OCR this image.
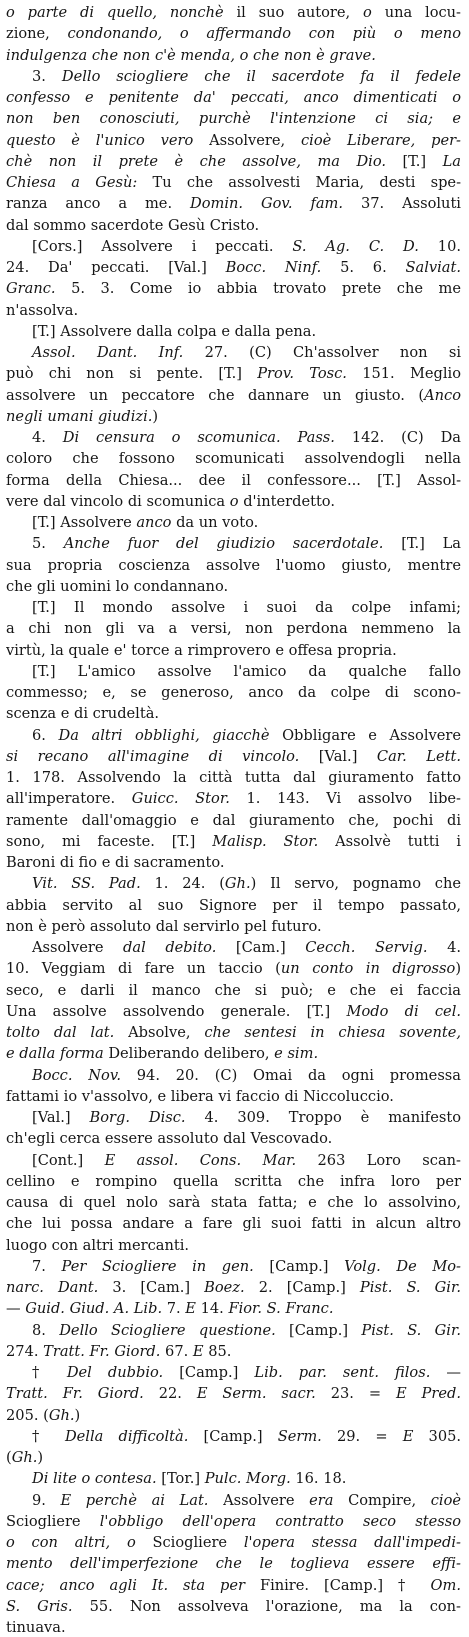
o parte di quello, nonchè il suo autore, o una locu-
zione, condonando, o affermando con più o meno
indulgenza che non c'è menda, o che non è grave.
3. Dello sciogliere che il sacerdote fa il fedele
confesso e penitente da' peccati, anco dimenticati o
non ben conosciuti, purchè l'intenzione ci sia; e
questo è l'unico vero Assolvere, cioè Liberare, per-
chè non il prete è che assolve, ma Dio. [T.] La
Chiesa a Gesù: Tu che assolvesti Maria, desti spe-
ranza anco a me. Domin. Gov. fam. 37. Assoluti
dal sommo sacerdote Gesù Cristo.
[Cors.] Assolvere i peccati. S. Ag. C. D. 10.
24. Da' peccati. [Val.] Bocc. Ninf. 5. 6. Salviat.
Granc. 5. 3. Come io abbia trovato prete che me
n'assolva.
[T.] Assolvere dalla colpa e dalla pena.
Assol. Dant. Inf. 27. (C) Ch'assolver non si
può chi non si pente. [T.] Prov. Tosc. 151. Meglio
assolvere un peccatore che dannare un giusto. (Anco
negli umani giudizi.)
4. Di censura o scomunica. Pass. 142. (C) Da
coloro che fossono scomunicati assolvendogli nella
forma della Chiesa... dee il confessore... [T.] Assol-
vere dal vincolo di scomunica o d'interdetto.
[T.] Assolvere anco da un voto.
5. Anche fuor del giudizio sacerdotale. [T.] La
sua propria coscienza assolve l'uomo giusto, mentre
che gli uomini lo condannano.
[T.] Il mondo assolve i suoi da colpe infami;
a chi non gli va a versi, non perdona nemmeno la
virtù, la quale e' torce a rimprovero e offesa propria.
[T.] L'amico assolve l'amico da qualche fallo
commesso; e, se generoso, anco da colpe di scono-
scenza e di crudeltà.
6. Da altri obblighi, giacchè Obbligare e Assolvere
si recano all'imagine di vincolo. [Val.] Car. Lett.
1. 178. Assolvendo la città tutta dal giuramento fatto
all'imperatore. Guicc. Stor. 1. 143. Vi assolvo libe-
ramente dall'omaggio e dal giuramento che, pochi di
sono, mi faceste. [T.] Malisp. Stor. Assolvè tutti i
Baroni di fio e di sacramento.
Vit. SS. Pad. 1. 24. (Gh.) Il servo, pognamo che
abbia servito al suo Signore per il tempo passato,
non è però assoluto dal servirlo pel futuro.
Assolvere dal debito. [Cam.] Cecch. Servig. 4.
10. Veggiam di fare un taccio (un conto in digrosso)
seco, e darli il manco che si può; e che ei faccia
Una assolve assolvendo generale. [T.] Modo di cel.
tolto dal lat. Absolve, che sentesi in chiesa sovente,
e dalla forma Deliberando delibero, e sim.
Bocc. Nov. 94. 20. (C) Omai da ogni promessa
fattami io v'assolvo, e libera vi faccio di Niccoluccio.
[Val.] Borg. Disc. 4. 309. Troppo è manifesto
ch'egli cerca essere assoluto dal Vescovado.
[Cont.] E assol. Cons. Mar. 263 Loro scan-
cellino e rompino quella scritta che infra loro per
causa di quel nolo sarà stata fatta; e che lo assolvino,
che lui possa andare a fare gli suoi fatti in alcun altro
luogo con altri mercanti.
7. Per Sciogliere in gen. [Camp.] Volg. De Mo-
narc. Dant. 3. [Cam.] Boez. 2. [Camp.] Pist. S. Gir.
— Guid. Giud. A. Lib. 7. E 14. Fior. S. Franc.
8. Dello Sciogliere questione. [Camp.] Pist. S. Gir.
274. Tratt. Fr. Giord. 67. E 85.
† Del dubbio. [Camp.] Lib. par. sent. filos. —
Tratt. Fr. Giord. 22. E Serm. sacr. 23. = E Pred.
205. (Gh.)
† Della difficoltà. [Camp.] Serm. 29. = E 305.
(Gh.)
Di lite o contesa. [Tor.] Pulc. Morg. 16. 18.
9. E perchè ai Lat. Assolvere era Compire, cioè
Sciogliere l'obbligo dell'opera contratto seco stesso
o con altri, o Sciogliere l'opera stessa dall'impedi-
mento dell'imperfezione che le toglieva essere effi-
cace; anco agli It. sta per Finire. [Camp.] † Om.
S. Gris. 55. Non assolveva l'orazione, ma la con-
tinuava.
